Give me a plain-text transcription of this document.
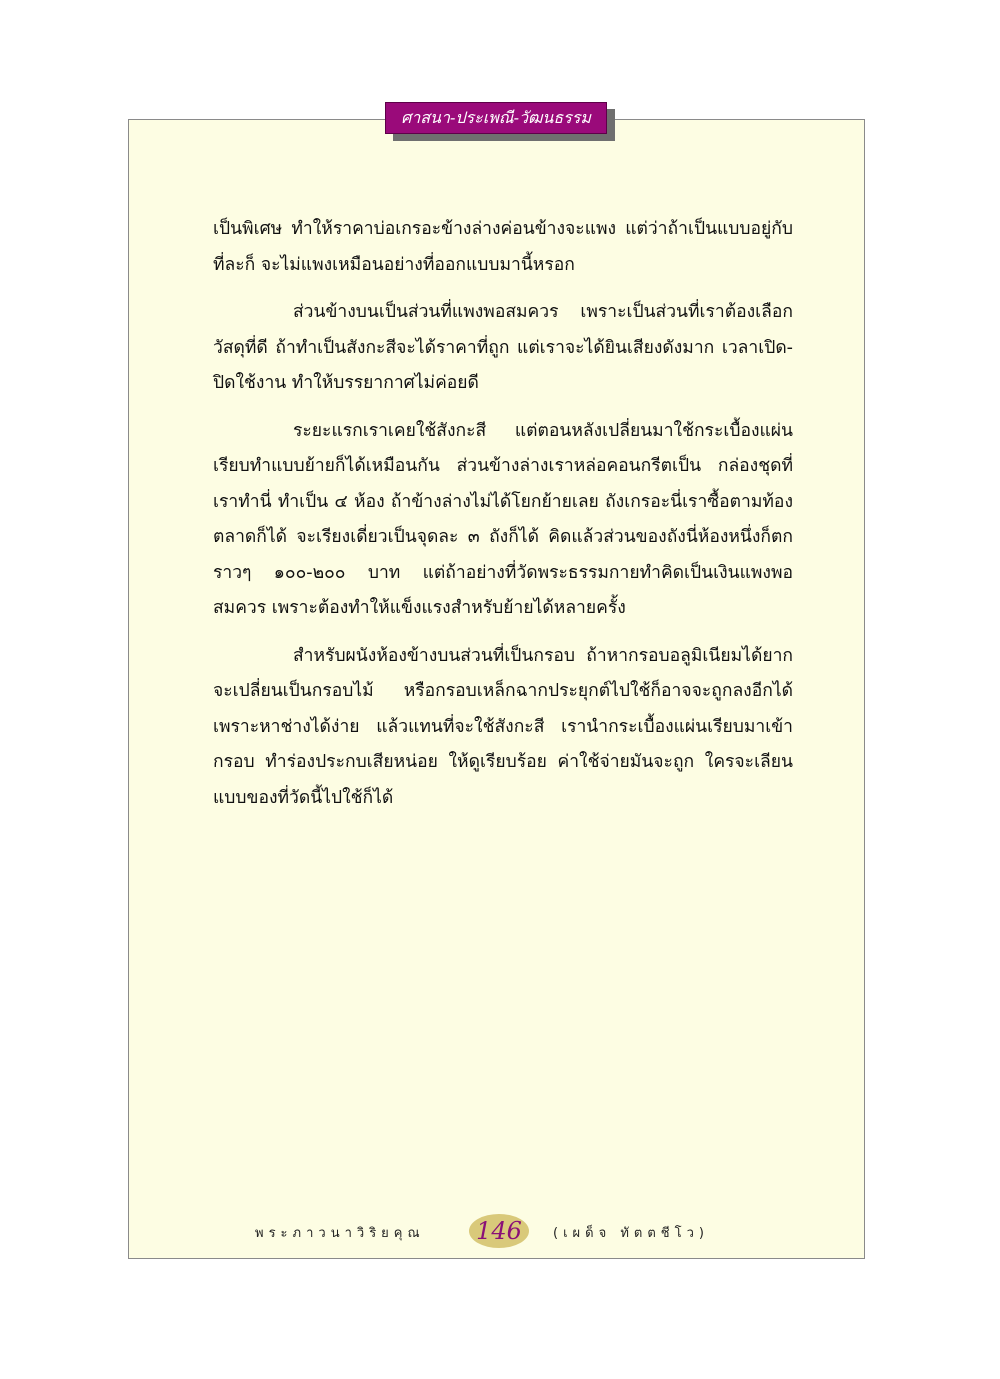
ศาสนา-ประเพณี-วัฒนธรรม

เป็นพิเศษ ทำให้ราคาบ่อเกรอะข้างล่างค่อนข้างจะแพง แต่ว่าถ้าเป็นแบบอยู่กับที่ละก็ จะไม่แพงเหมือนอย่างที่ออกแบบมานี้หรอก

ส่วนข้างบนเป็นส่วนที่แพงพอสมควร เพราะเป็นส่วนที่เราต้องเลือกวัสดุที่ดี ถ้าทำเป็นสังกะสีจะได้ราคาที่ถูก แต่เราจะได้ยินเสียงดังมาก เวลาเปิด-ปิดใช้งาน ทำให้บรรยากาศไม่ค่อยดี

ระยะแรกเราเคยใช้สังกะสี แต่ตอนหลังเปลี่ยนมาใช้กระเบื้องแผ่นเรียบทำแบบย้ายก็ได้เหมือนกัน ส่วนข้างล่างเราหล่อคอนกรีตเป็น กล่องชุดที่เราทำนี่ ทำเป็น ๔ ห้อง ถ้าข้างล่างไม่ได้โยกย้ายเลย ถังเกรอะนี่เราซื้อตามท้องตลาดก็ได้ จะเรียงเดี่ยวเป็นจุดละ ๓ ถังก็ได้ คิดแล้วส่วนของถังนี่ห้องหนึ่งก็ตกราวๆ ๑๐๐-๒๐๐ บาท แต่ถ้าอย่างที่วัดพระธรรมกายทำคิดเป็นเงินแพงพอสมควร เพราะต้องทำให้แข็งแรงสำหรับย้ายได้หลายครั้ง

สำหรับผนังห้องข้างบนส่วนที่เป็นกรอบ ถ้าหากรอบอลูมิเนียมได้ยาก จะเปลี่ยนเป็นกรอบไม้ หรือกรอบเหล็กฉากประยุกต์ไปใช้ก็อาจจะถูกลงอีกได้ เพราะหาช่างได้ง่าย แล้วแทนที่จะใช้สังกะสี เรานำกระเบื้องแผ่นเรียบมาเข้ากรอบ ทำร่องประกบเสียหน่อย ให้ดูเรียบร้อย ค่าใช้จ่ายมันจะถูก ใครจะเลียนแบบของที่วัดนี้ไปใช้ก็ได้

พระภาวนาวิริยคุณ 146	(เผด็จ ทัตตชีโว)
